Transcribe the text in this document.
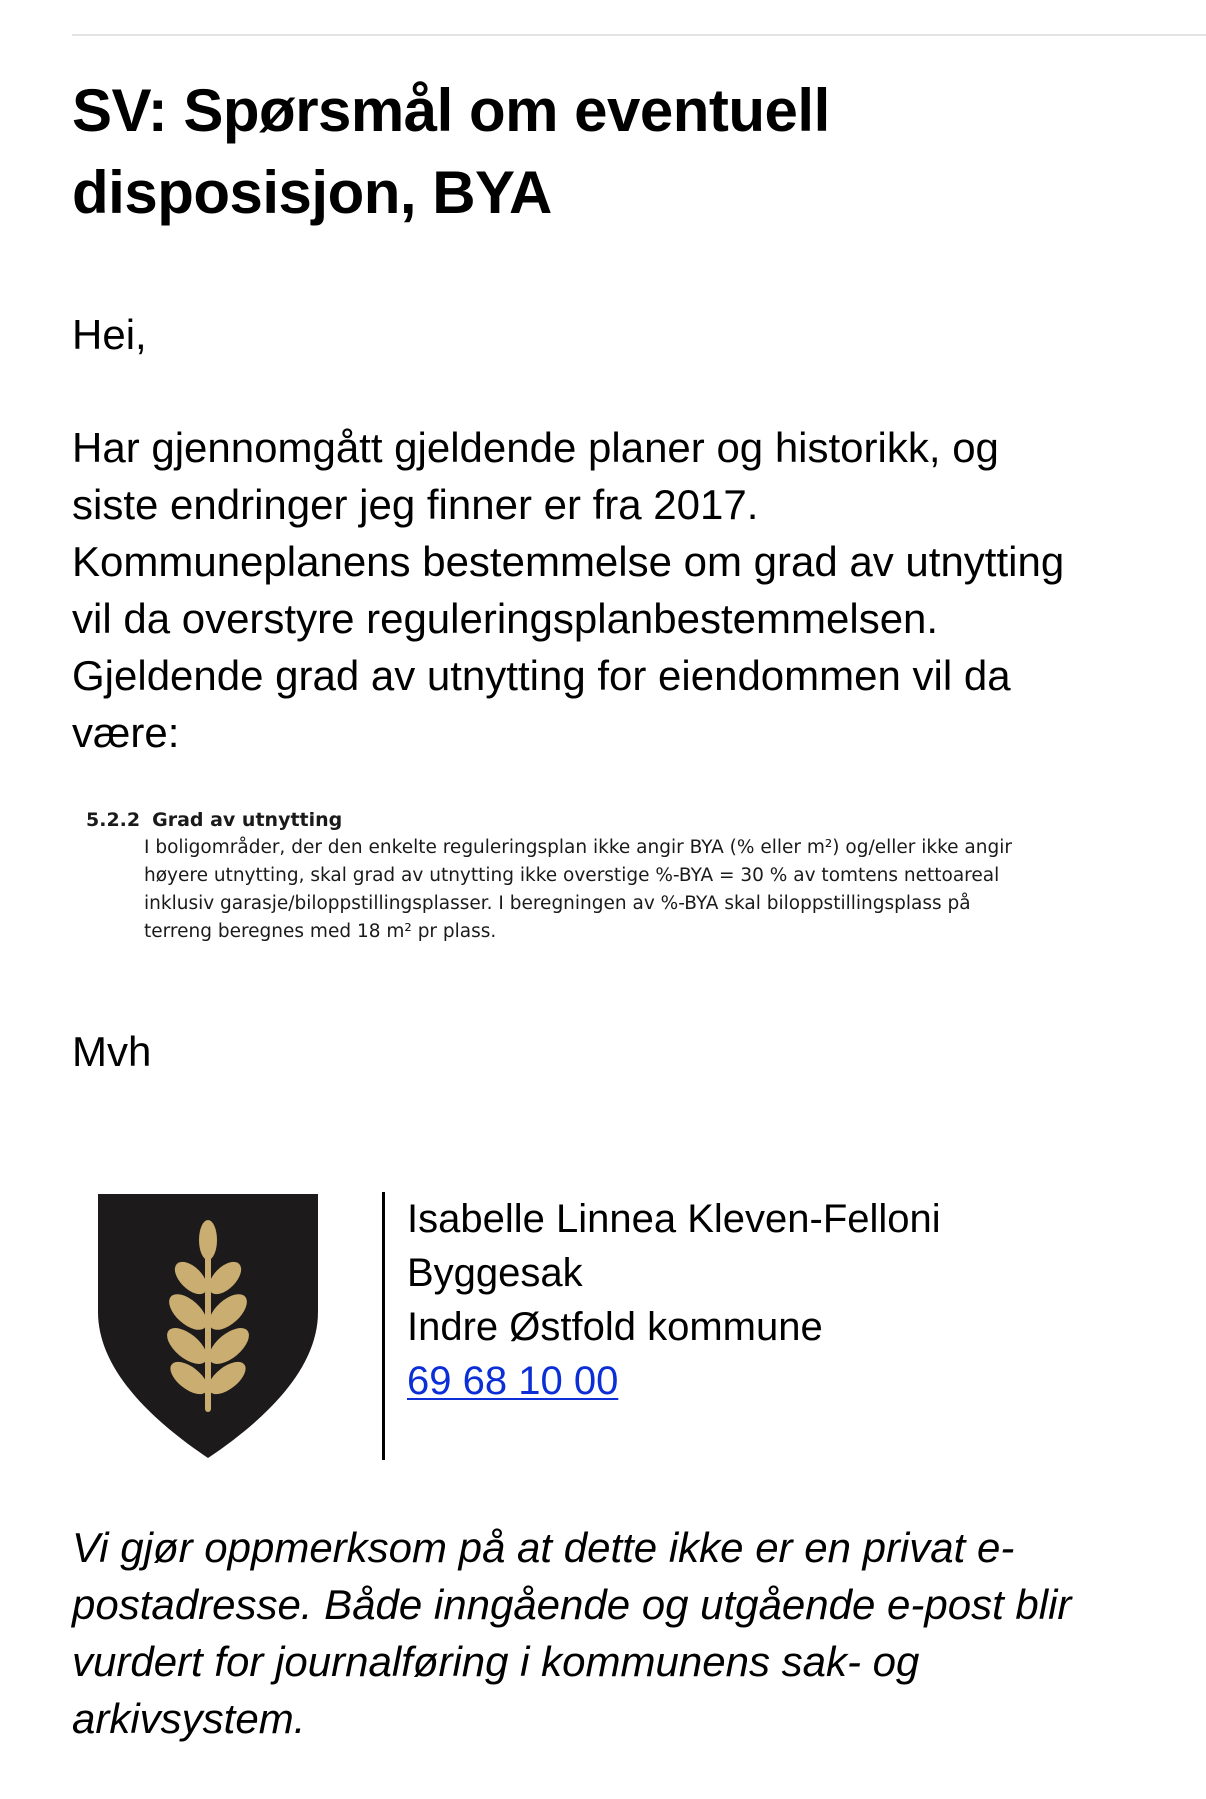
SV: Spørsmål om eventuell disposisjon, BYA

Hei,

Har gjennomgått gjeldende planer og historikk, og
siste endringer jeg finner er fra 2017.
Kommuneplanens bestemmelse om grad av utnytting
vil da overstyre reguleringsplanbestemmelsen.
Gjeldende grad av utnytting for eiendommen vil da
være:

5.2.2 Grad av utnytting
I boligområder, der den enkelte reguleringsplan ikke angir BYA (% eller m²) og/eller ikke angir
høyere utnytting, skal grad av utnytting ikke overstige %-BYA = 30 % av tomtens nettoareal
inklusiv garasje/biloppstillingsplasser. I beregningen av %-BYA skal biloppstillingsplass på
terreng beregnes med 18 m² pr plass.

Mvh

Isabelle Linnea Kleven-Felloni
Byggesak
Indre Østfold kommune
69 68 10 00

Vi gjør oppmerksom på at dette ikke er en privat e-
postadresse. Både inngående og utgående e-post blir
vurdert for journalføring i kommunens sak- og
arkivsystem.
